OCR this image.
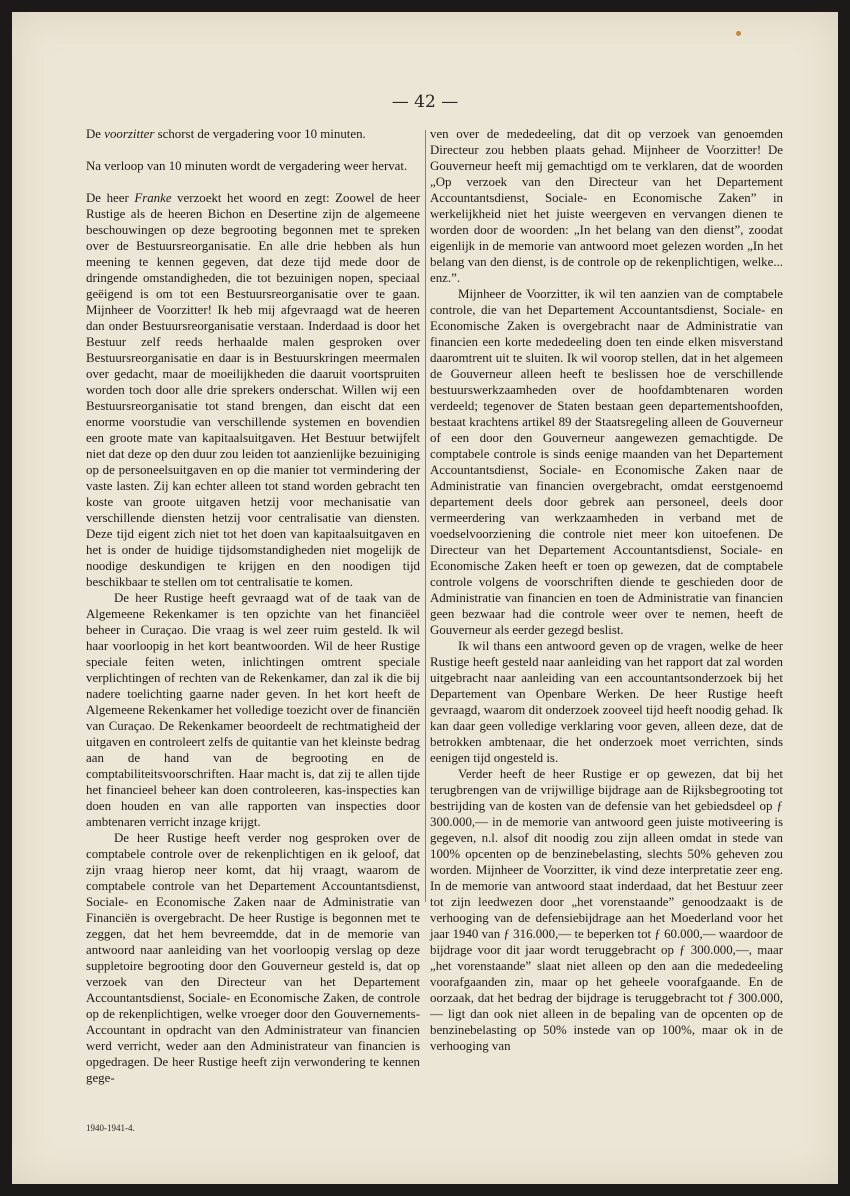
— 42 —

De voorzitter schorst de vergadering voor 10 minuten.

Na verloop van 10 minuten wordt de vergadering weer hervat.

De heer Franke verzoekt het woord en zegt: Zoowel de heer Rustige als de heeren Bichon en Desertine zijn de algemeene beschouwingen op deze begrooting begonnen met te spreken over de Bestuursreorganisatie. En alle drie hebben als hun meening te kennen gegeven, dat deze tijd mede door de dringende omstandigheden, die tot bezuinigen nopen, speciaal geëigend is om tot een Bestuursreorganisatie over te gaan. Mijnheer de Voorzitter! Ik heb mij afgevraagd wat de heeren dan onder Bestuursreorganisatie verstaan. Inderdaad is door het Bestuur zelf reeds herhaalde malen gesproken over Bestuursreorganisatie en daar is in Bestuurskringen meermalen over gedacht, maar de moeilijkheden die daaruit voortspruiten worden toch door alle drie sprekers onderschat. Willen wij een Bestuursreorganisatie tot stand brengen, dan eischt dat een enorme voorstudie van verschillende systemen en bovendien een groote mate van kapitaalsuitgaven. Het Bestuur betwijfelt niet dat deze op den duur zou leiden tot aanzienlijke bezuiniging op de personeelsuitgaven en op die manier tot vermindering der vaste lasten. Zij kan echter alleen tot stand worden gebracht ten koste van groote uitgaven hetzij voor mechanisatie van verschillende diensten hetzij voor centralisatie van diensten. Deze tijd eigent zich niet tot het doen van kapitaalsuitgaven en het is onder de huidige tijdsomstandigheden niet mogelijk de noodige deskundigen te krijgen en den noodigen tijd beschikbaar te stellen om tot centralisatie te komen.

De heer Rustige heeft gevraagd wat of de taak van de Algemeene Rekenkamer is ten opzichte van het financiëel beheer in Curaçao. Die vraag is wel zeer ruim gesteld. Ik wil haar voorloopig in het kort beantwoorden. Wil de heer Rustige speciale feiten weten, inlichtingen omtrent speciale verplichtingen of rechten van de Rekenkamer, dan zal ik die bij nadere toelichting gaarne nader geven. In het kort heeft de Algemeene Rekenkamer het volledige toezicht over de financiën van Curaçao. De Rekenkamer beoordeelt de rechtmatigheid der uitgaven en controleert zelfs de quitantie van het kleinste bedrag aan de hand van de begrooting en de comptabiliteitsvoorschriften. Haar macht is, dat zij te allen tijde het financieel beheer kan doen controleeren, kas-inspecties kan doen houden en van alle rapporten van inspecties door ambtenaren verricht inzage krijgt.

De heer Rustige heeft verder nog gesproken over de comptabele controle over de rekenplichtigen en ik geloof, dat zijn vraag hierop neer komt, dat hij vraagt, waarom de comptabele controle van het Departement Accountantsdienst, Sociale- en Economische Zaken naar de Administratie van Financiën is overgebracht. De heer Rustige is begonnen met te zeggen, dat het hem bevreemdde, dat in de memorie van antwoord naar aanleiding van het voorloopig verslag op deze suppletoire begrooting door den Gouverneur gesteld is, dat op verzoek van den Directeur van het Departement Accountantsdienst, Sociale- en Economische Zaken, de controle op de rekenplichtigen, welke vroeger door den Gouvernements-Accountant in opdracht van den Administrateur van financien werd verricht, weder aan den Administrateur van financien is opgedragen. De heer Rustige heeft zijn verwondering te kennen gege-

ven over de mededeeling, dat dit op verzoek van genoemden Directeur zou hebben plaats gehad. Mijnheer de Voorzitter! De Gouverneur heeft mij gemachtigd om te verklaren, dat de woorden „Op verzoek van den Directeur van het Departement Accountantsdienst, Sociale- en Economische Zaken” in werkelijkheid niet het juiste weergeven en vervangen dienen te worden door de woorden: „In het belang van den dienst”, zoodat eigenlijk in de memorie van antwoord moet gelezen worden „In het belang van den dienst, is de controle op de rekenplichtigen, welke... enz.”.

Mijnheer de Voorzitter, ik wil ten aanzien van de comptabele controle, die van het Departement Accountantsdienst, Sociale- en Economische Zaken is overgebracht naar de Administratie van financien een korte mededeeling doen ten einde elken misverstand daaromtrent uit te sluiten. Ik wil voorop stellen, dat in het algemeen de Gouverneur alleen heeft te beslissen hoe de verschillende bestuurswerkzaamheden over de hoofdambtenaren worden verdeeld; tegenover de Staten bestaan geen departementshoofden, bestaat krachtens artikel 89 der Staatsregeling alleen de Gouverneur of een door den Gouverneur aangewezen gemachtigde. De comptabele controle is sinds eenige maanden van het Departement Accountantsdienst, Sociale- en Economische Zaken naar de Administratie van financien overgebracht, omdat eerstgenoemd departement deels door gebrek aan personeel, deels door vermeerdering van werkzaamheden in verband met de voedselvoorziening die controle niet meer kon uitoefenen. De Directeur van het Departement Accountantsdienst, Sociale- en Economische Zaken heeft er toen op gewezen, dat de comptabele controle volgens de voorschriften diende te geschieden door de Administratie van financien en toen de Administratie van financien geen bezwaar had die controle weer over te nemen, heeft de Gouverneur als eerder gezegd beslist.

Ik wil thans een antwoord geven op de vragen, welke de heer Rustige heeft gesteld naar aanleiding van het rapport dat zal worden uitgebracht naar aanleiding van een accountantsonderzoek bij het Departement van Openbare Werken. De heer Rustige heeft gevraagd, waarom dit onderzoek zooveel tijd heeft noodig gehad. Ik kan daar geen volledige verklaring voor geven, alleen deze, dat de betrokken ambtenaar, die het onderzoek moet verrichten, sinds eenigen tijd ongesteld is.

Verder heeft de heer Rustige er op gewezen, dat bij het terugbrengen van de vrijwillige bijdrage aan de Rijksbegrooting tot bestrijding van de kosten van de defensie van het gebiedsdeel op ƒ 300.000,— in de memorie van antwoord geen juiste motiveering is gegeven, n.l. alsof dit noodig zou zijn alleen omdat in stede van 100% opcenten op de benzinebelasting, slechts 50% geheven zou worden. Mijnheer de Voorzitter, ik vind deze interpretatie zeer eng. In de memorie van antwoord staat inderdaad, dat het Bestuur zeer tot zijn leedwezen door „het vorenstaande” genoodzaakt is de verhooging van de defensiebijdrage aan het Moederland voor het jaar 1940 van ƒ 316.000,— te beperken tot ƒ 60.000,— waardoor de bijdrage voor dit jaar wordt teruggebracht op ƒ 300.000,—, maar „het vorenstaande” slaat niet alleen op den aan die mededeeling voorafgaanden zin, maar op het geheele voorafgaande. En de oorzaak, dat het bedrag der bijdrage is teruggebracht tot ƒ 300.000,— ligt dan ook niet alleen in de bepaling van de opcenten op de benzinebelasting op 50% instede van op 100%, maar ok in de verhooging van

1940-1941-4.
